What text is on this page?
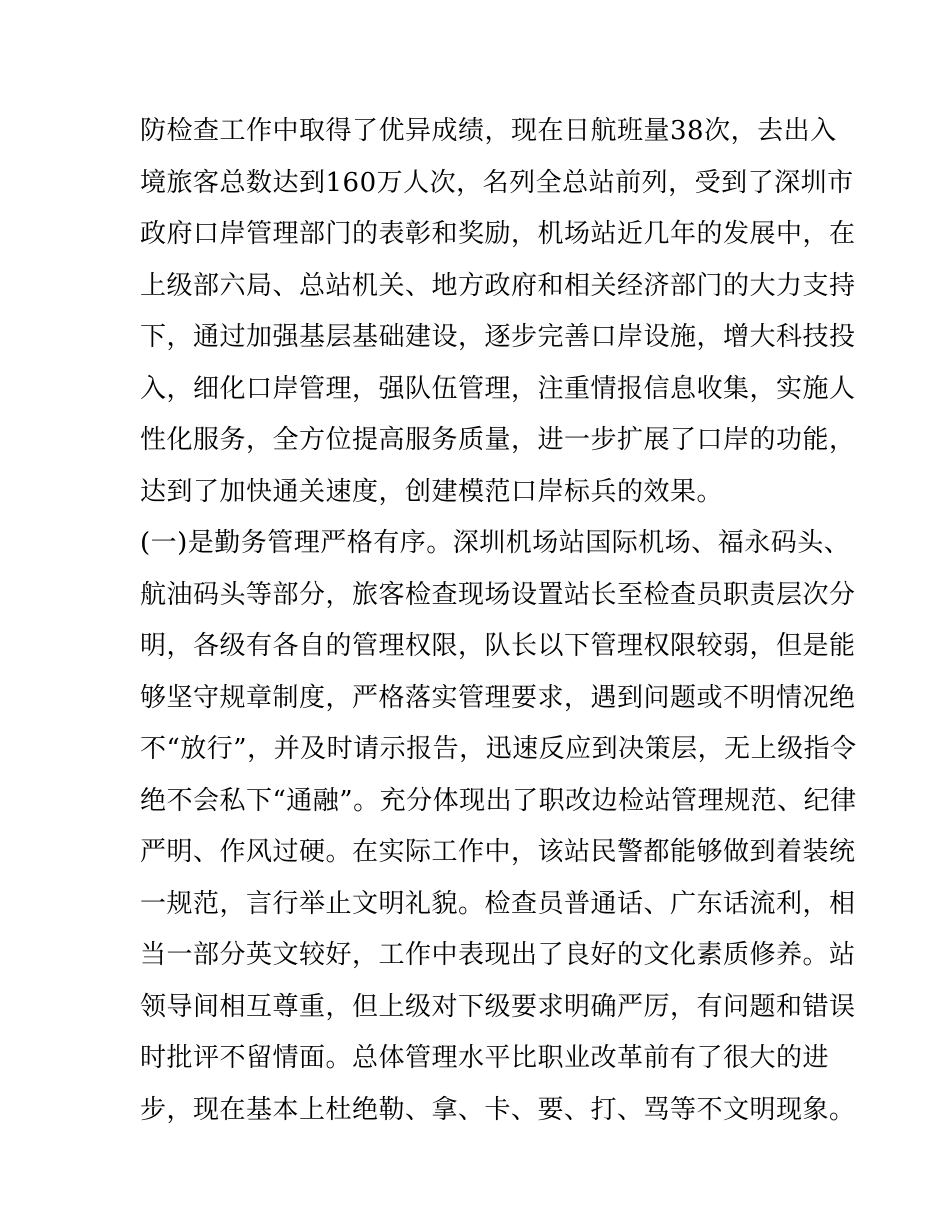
防检查工作中取得了优异成绩，现在日航班量38次，去出入
境旅客总数达到160万人次，名列全总站前列，受到了深圳市
政府口岸管理部门的表彰和奖励，机场站近几年的发展中，在
上级部六局、总站机关、地方政府和相关经济部门的大力支持
下，通过加强基层基础建设，逐步完善口岸设施，增大科技投
入，细化口岸管理，强队伍管理，注重情报信息收集，实施人
性化服务，全方位提高服务质量，进一步扩展了口岸的功能，
达到了加快通关速度，创建模范口岸标兵的效果。
(一)是勤务管理严格有序。深圳机场站国际机场、福永码头、
航油码头等部分，旅客检查现场设置站长至检查员职责层次分
明，各级有各自的管理权限，队长以下管理权限较弱，但是能
够坚守规章制度，严格落实管理要求，遇到问题或不明情况绝
不“放行”，并及时请示报告，迅速反应到决策层，无上级指令
绝不会私下“通融”。充分体现出了职改边检站管理规范、纪律
严明、作风过硬。在实际工作中，该站民警都能够做到着装统
一规范，言行举止文明礼貌。检查员普通话、广东话流利，相
当一部分英文较好，工作中表现出了良好的文化素质修养。站
领导间相互尊重，但上级对下级要求明确严厉，有问题和错误
时批评不留情面。总体管理水平比职业改革前有了很大的进
步，现在基本上杜绝勒、拿、卡、要、打、骂等不文明现象。
